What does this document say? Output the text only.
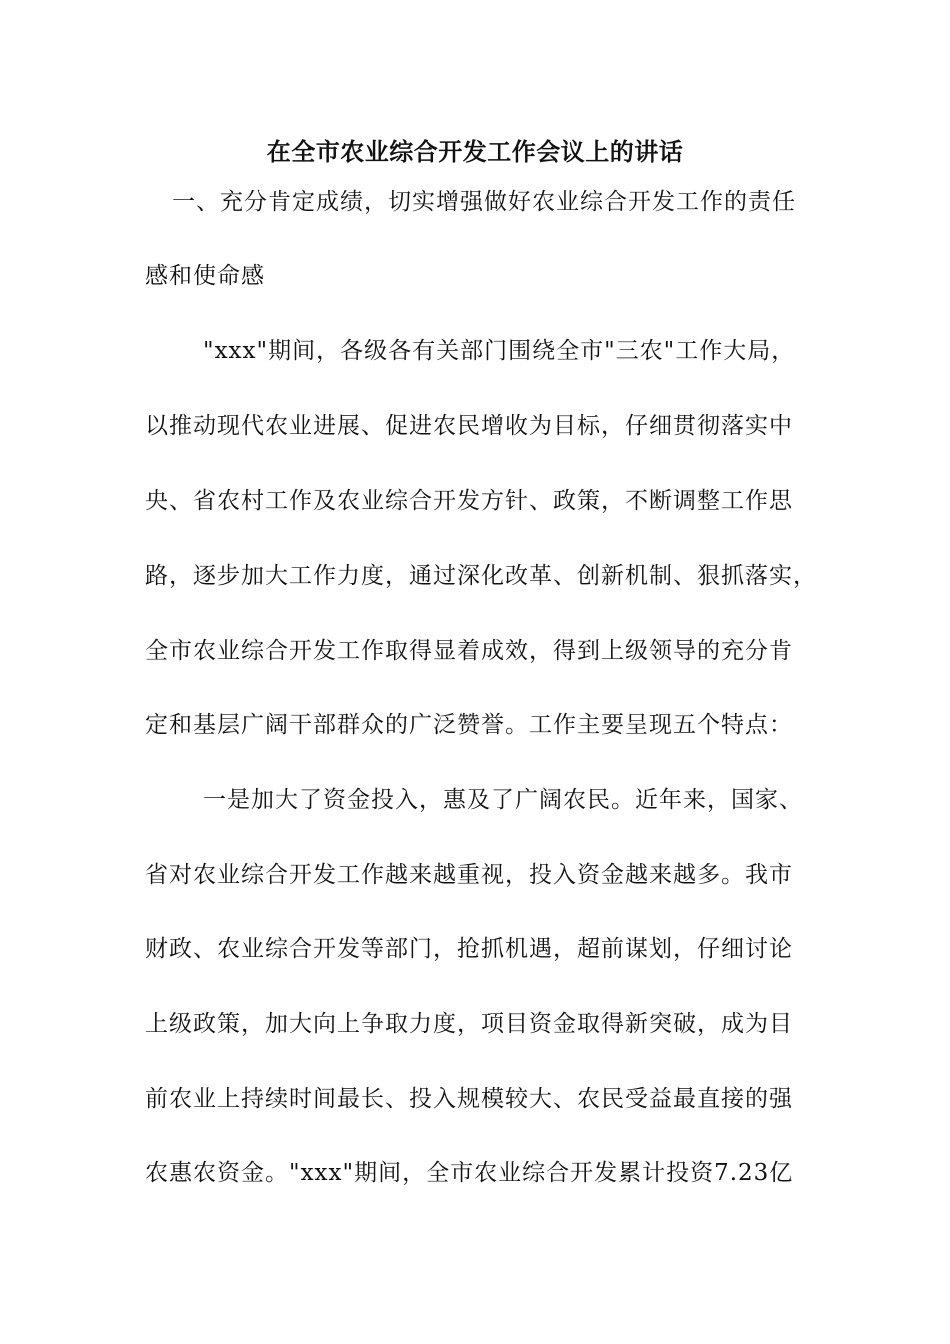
在全市农业综合开发工作会议上的讲话
一、充分肯定成绩，切实增强做好农业综合开发工作的责任
感和使命感
"xxx"期间，各级各有关部门围绕全市"三农"工作大局，
以推动现代农业进展、促进农民增收为目标，仔细贯彻落实中
央、省农村工作及农业综合开发方针、政策，不断调整工作思
路，逐步加大工作力度，通过深化改革、创新机制、狠抓落实，
全市农业综合开发工作取得显着成效，得到上级领导的充分肯
定和基层广阔干部群众的广泛赞誉。工作主要呈现五个特点：
一是加大了资金投入，惠及了广阔农民。近年来，国家、
省对农业综合开发工作越来越重视，投入资金越来越多。我市
财政、农业综合开发等部门，抢抓机遇，超前谋划，仔细讨论
上级政策，加大向上争取力度，项目资金取得新突破，成为目
前农业上持续时间最长、投入规模较大、农民受益最直接的强
农惠农资金。"xxx"期间，全市农业综合开发累计投资7.23亿
